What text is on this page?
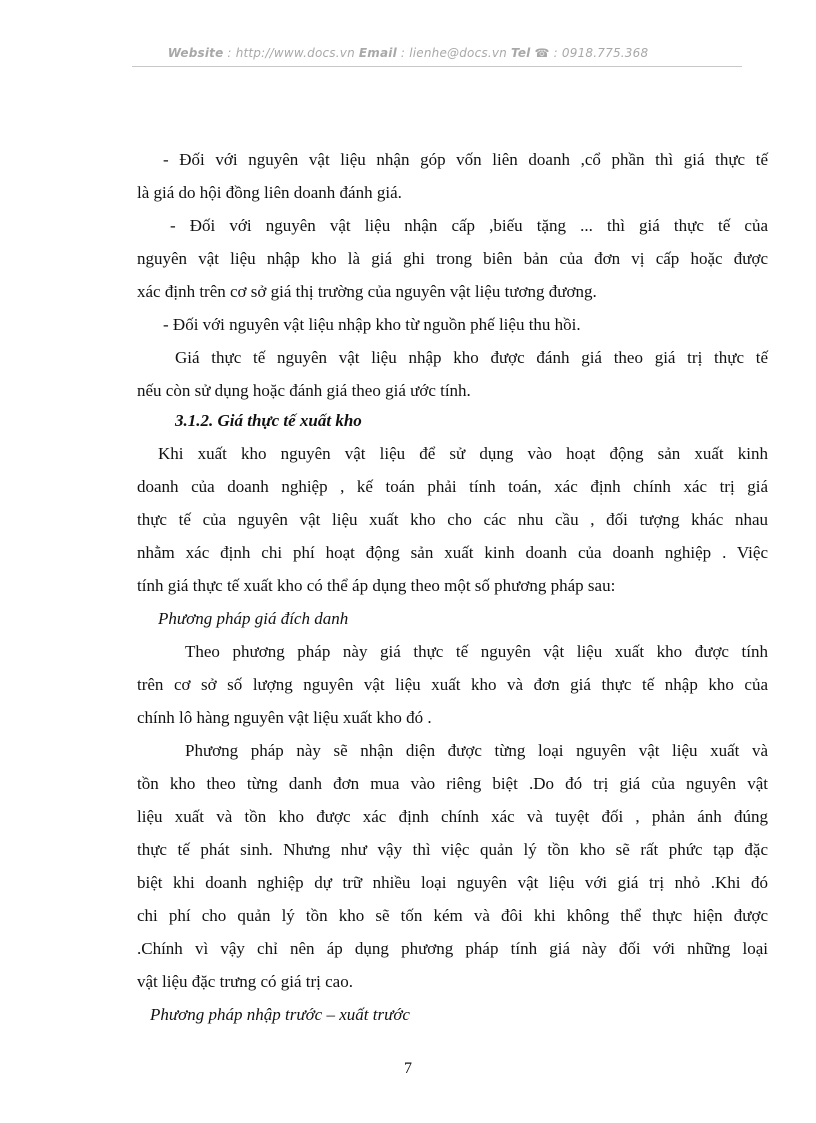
Website : http://www.docs.vn Email : lienhe@docs.vn Tel ☎ : 0918.775.368
- Đối với nguyên vật liệu nhận góp vốn liên doanh ,cổ phần thì giá thực tế
là giá do hội đồng liên doanh đánh giá.
- Đối với nguyên vật liệu nhận cấp ,biếu tặng ... thì giá thực tế của
nguyên vật liệu nhập kho là giá ghi trong biên bản của đơn vị cấp hoặc được
xác định trên cơ sở giá thị trường của nguyên vật liệu tương đương.
- Đối với nguyên vật liệu nhập kho từ nguồn phế liệu thu hồi.
Giá thực tế nguyên vật liệu nhập kho được đánh giá theo giá trị thực tế
nếu còn sử dụng hoặc đánh giá theo giá ước tính.
3.1.2. Giá thực tế xuất kho
Khi xuất kho nguyên vật liệu để sử dụng vào hoạt động sản xuất kinh
doanh của doanh nghiệp , kế toán phải tính toán, xác định chính xác trị giá
thực tế của nguyên vật liệu xuất kho cho các nhu cầu , đối tượng khác nhau
nhằm xác định chi phí hoạt động sản xuất kinh doanh của doanh nghiệp . Việc
tính giá thực tế xuất kho có thể áp dụng theo một số phương pháp sau:
Phương pháp giá đích danh
Theo phương pháp này giá thực tế nguyên vật liệu xuất kho được tính
trên cơ sở số lượng nguyên vật liệu xuất kho và đơn giá thực tế nhập kho của
chính lô hàng nguyên vật liệu xuất kho đó .
Phương pháp này sẽ nhận diện được từng loại nguyên vật liệu xuất và
tồn kho theo từng danh đơn mua vào riêng biệt .Do đó trị giá của nguyên vật
liệu xuất và tồn kho được xác định chính xác và tuyệt đối , phản ánh đúng
thực tế phát sinh. Nhưng như vậy thì việc quản lý tồn kho sẽ rất phức tạp đặc
biệt khi doanh nghiệp dự trữ nhiều loại nguyên vật liệu với giá trị nhỏ .Khi đó
chi phí cho quản lý tồn kho sẽ tốn kém và đôi khi không thể thực hiện được
.Chính vì vậy chỉ nên áp dụng phương pháp tính giá này đối với những loại
vật liệu đặc trưng có giá trị cao.
Phương pháp nhập trước – xuất trước
7
